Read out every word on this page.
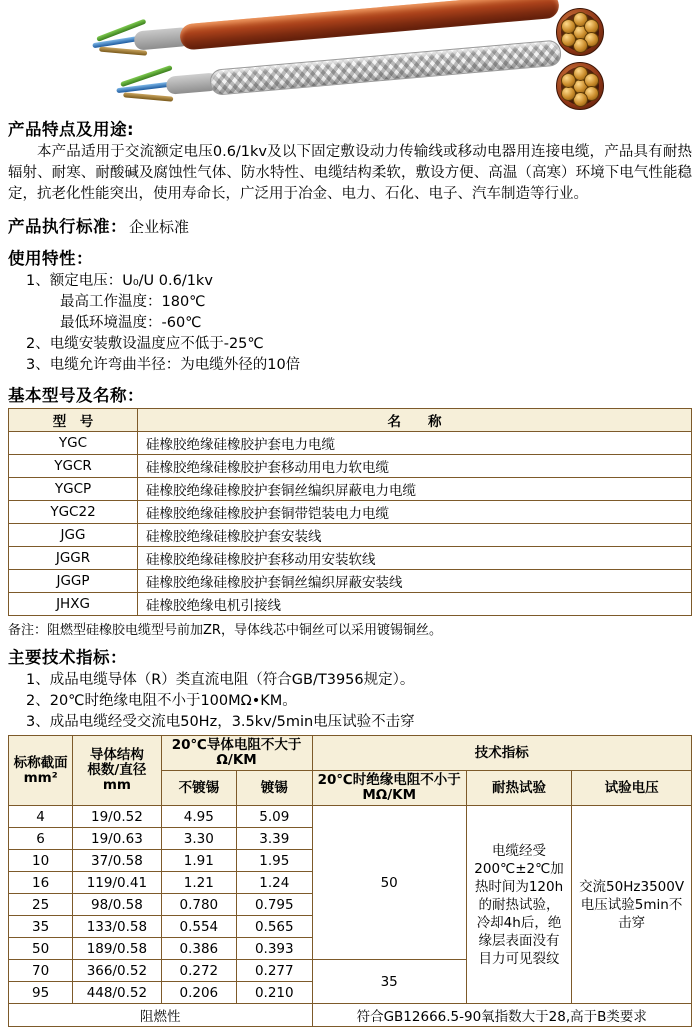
产品特点及用途:

本产品适用于交流额定电压0.6/1kv及以下固定敷设动力传输线或移动电器用连接电缆，产品具有耐热辐射、耐寒、耐酸碱及腐蚀性气体、防水特性、电缆结构柔软，敷设方便、高温（高寒）环境下电气性能稳定，抗老化性能突出，使用寿命长，广泛用于冶金、电力、石化、电子、汽车制造等行业。

产品执行标准： 企业标准
使用特性：
1、额定电压：U₀/U 0.6/1kv
最高工作温度：180℃
最低环境温度：-60℃
2、电缆安装敷设温度应不低于-25℃
3、电缆允许弯曲半径：为电缆外径的10倍
基本型号及名称：
型　号	名　　称
YGC	硅橡胶绝缘硅橡胶护套电力电缆
YGCR	硅橡胶绝缘硅橡胶护套移动用电力软电缆
YGCP	硅橡胶绝缘硅橡胶护套铜丝编织屏蔽电力电缆
YGC22	硅橡胶绝缘硅橡胶护套铜带铠装电力电缆
JGG	硅橡胶绝缘硅橡胶护套安装线
JGGR	硅橡胶绝缘硅橡胶护套移动用安装软线
JGGP	硅橡胶绝缘硅橡胶护套铜丝编织屏蔽安装线
JHXG	硅橡胶绝缘电机引接线
备注：阻燃型硅橡胶电缆型号前加ZR，导体线芯中铜丝可以采用镀锡铜丝。
主要技术指标：
1、成品电缆导体（R）类直流电阻（符合GB/T3956规定）。
2、20℃时绝缘电阻不小于100MΩ•KM。
3、成品电缆经受交流电50Hz，3.5kv/5min电压试验不击穿
标称截面
mm²	导体结构
根数/直径
mm	20℃导体电阻不大于Ω/KM		技术指标		
		不镀锡	镀锡	20℃时绝缘电阻不小于MΩ/KM	耐热试验	试验电压
4	19/0.52	4.95	5.09	50	电缆经受200℃±2℃加热时间为120h的耐热试验，冷却4h后，绝缘层表面没有目力可见裂纹	交流50Hz3500V电压试验5min不击穿
6	19/0.63	3.30	3.39			
10	37/0.58	1.91	1.95			
16	119/0.41	1.21	1.24			
25	98/0.58	0.780	0.795			
35	133/0.58	0.554	0.565			
50	189/0.58	0.386	0.393			
70	366/0.52	0.272	0.277	35		
95	448/0.52	0.206	0.210			
阻燃性				符合GB12666.5-90氧指数大于28,高于B类要求		
